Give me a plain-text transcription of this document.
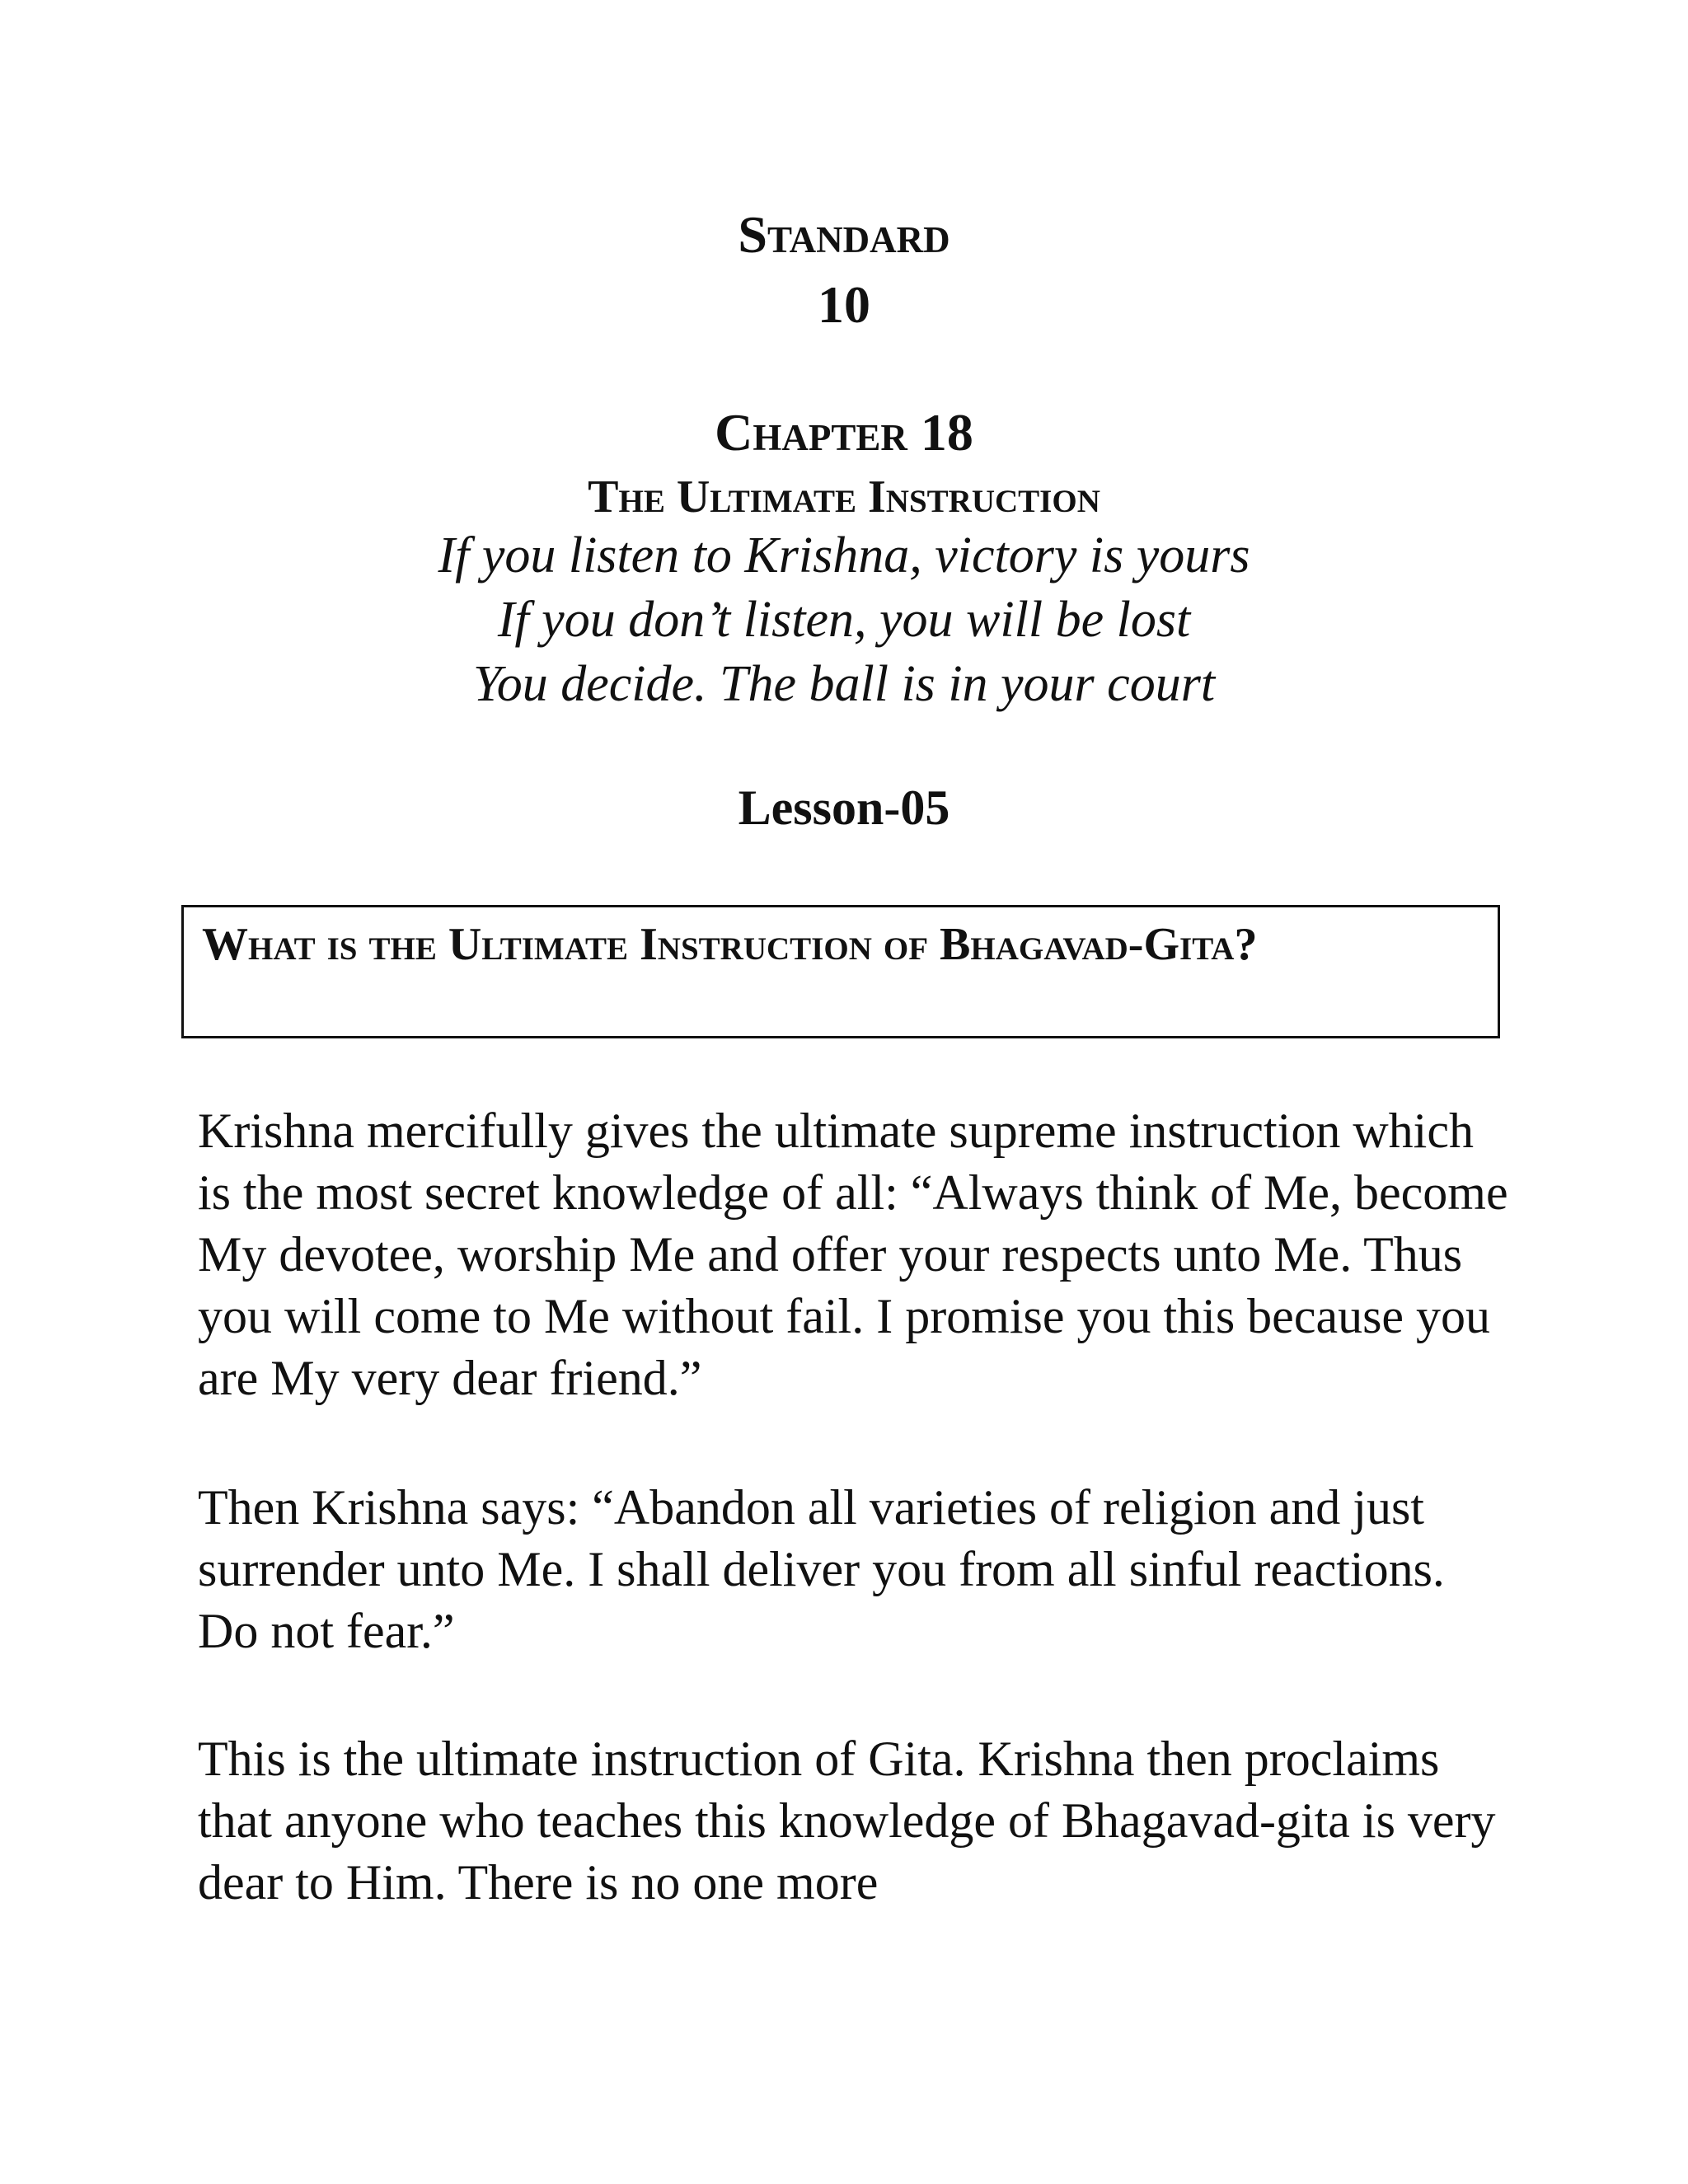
Standard
10
Chapter 18
The Ultimate Instruction
If you listen to Krishna, victory is yours
If you don’t listen, you will be lost
You decide. The ball is in your court
Lesson-05
What is the Ultimate Instruction of Bhagavad-Gita?

Krishna mercifully gives the ultimate supreme instruction which is the most secret knowledge of all: “Always think of Me, become My devotee, worship Me and offer your respects unto Me. Thus you will come to Me without fail. I promise you this because you are My very dear friend.”

Then Krishna says: “Abandon all varieties of religion and just surrender unto Me. I shall deliver you from all sinful reactions. Do not fear.”

This is the ultimate instruction of Gita. Krishna then proclaims that anyone who teaches this knowledge of Bhagavad-gita is very dear to Him. There is no one more
